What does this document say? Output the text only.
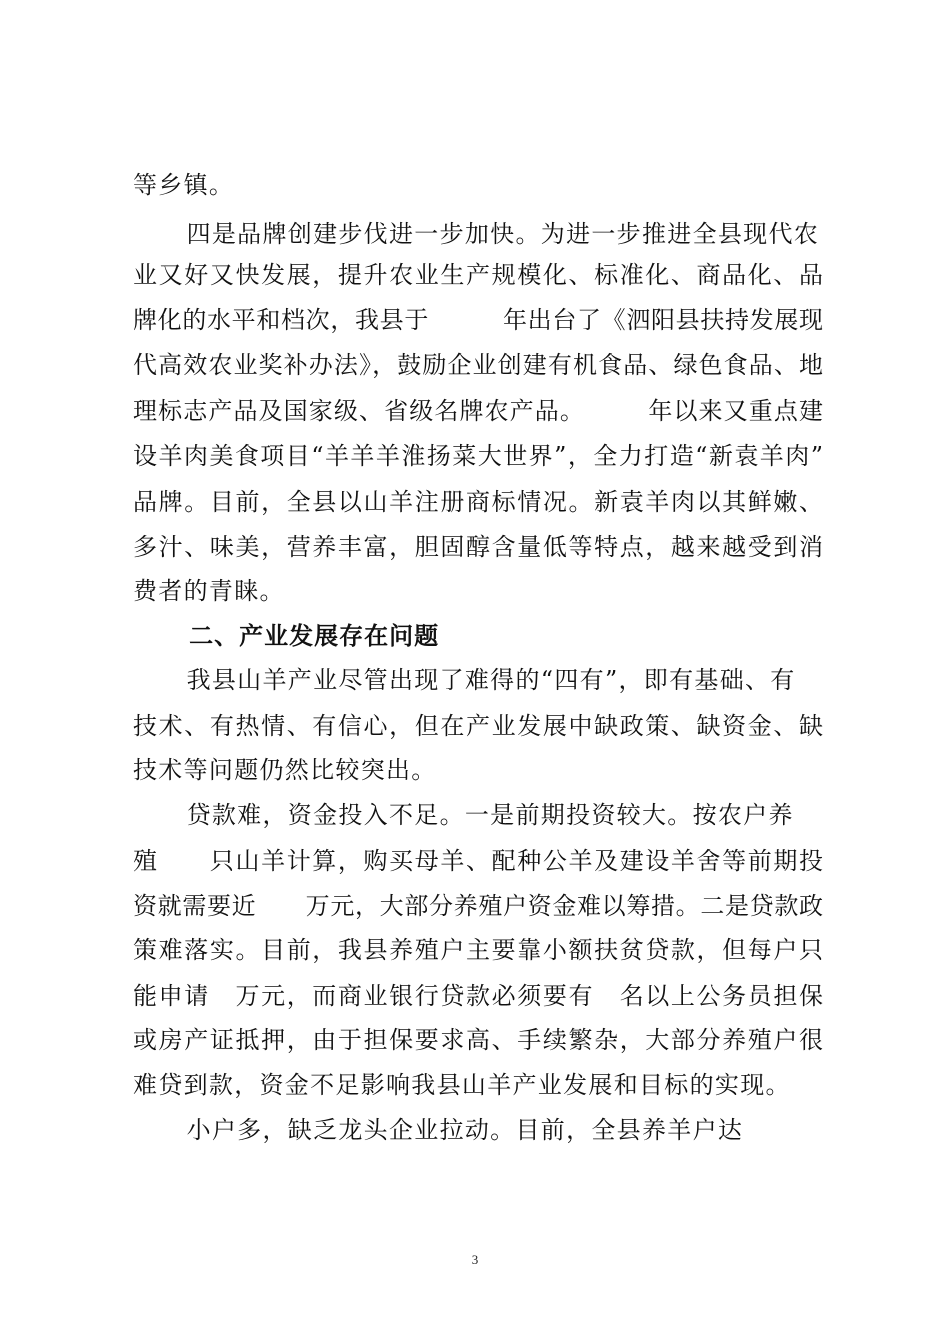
等乡镇。
四是品牌创建步伐进一步加快。为进一步推进全县现代农
业又好又快发展，提升农业生产规模化、标准化、商品化、品
牌化的水平和档次，我县于　　　年出台了《泗阳县扶持发展现
代高效农业奖补办法》，鼓励企业创建有机食品、绿色食品、地
理标志产品及国家级、省级名牌农产品。　　　年以来又重点建
设羊肉美食项目“羊羊羊淮扬菜大世界”，全力打造“新袁羊肉”
品牌。目前，全县以山羊注册商标情况。新袁羊肉以其鲜嫩、
多汁、味美，营养丰富，胆固醇含量低等特点，越来越受到消
费者的青睐。
二、产业发展存在问题
我县山羊产业尽管出现了难得的“四有”，即有基础、有
技术、有热情、有信心，但在产业发展中缺政策、缺资金、缺
技术等问题仍然比较突出。
贷款难，资金投入不足。一是前期投资较大。按农户养
殖　　只山羊计算，购买母羊、配种公羊及建设羊舍等前期投
资就需要近　　万元，大部分养殖户资金难以筹措。二是贷款政
策难落实。目前，我县养殖户主要靠小额扶贫贷款，但每户只
能申请　万元，而商业银行贷款必须要有　名以上公务员担保
或房产证抵押，由于担保要求高、手续繁杂，大部分养殖户很
难贷到款，资金不足影响我县山羊产业发展和目标的实现。
小户多，缺乏龙头企业拉动。目前，全县养羊户达
3
